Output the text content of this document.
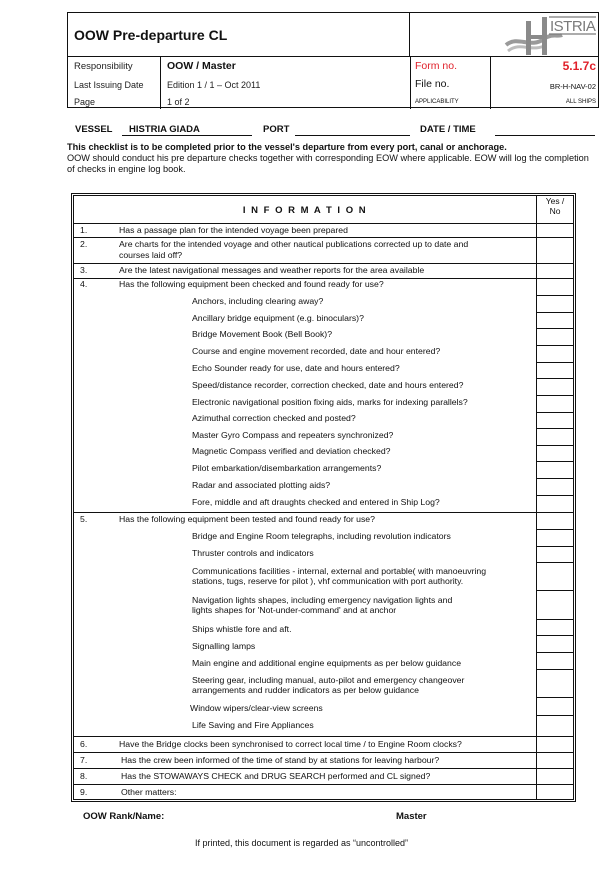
OOW Pre-departure CL	ISTRIA
Responsibility	OOW / Master
Last Issuing Date	Edition 1 / 1 – Oct 2011
Page	1 of 2
Form no.	5.1.7c
File no.	BR-H-NAV-02
APPLICABILITY	ALL SHIPS
VESSEL HISTRIA GIADA	PORT	DATE / TIME
This checklist is to be completed prior to the vessel's departure from every port, canal or anchorage.
OOW should conduct his pre departure checks together with corresponding EOW where applicable. EOW will log the completion of checks in engine log book.
I N F O R M A T I O N
Yes /
No
1.	Has a passage plan for the intended voyage been prepared
2.	Are charts for the intended voyage and other nautical publications corrected up to date and
courses laid off?
3.	Are the latest navigational messages and weather reports for the area available
4.	Has the following equipment been checked and found ready for use?
Anchors, including clearing away?
Ancillary bridge equipment (e.g. binoculars)?
Bridge Movement Book (Bell Book)?
Course and engine movement recorded, date and hour entered?
Echo Sounder ready for use, date and hours entered?
Speed/distance recorder, correction checked, date and hours entered?
Electronic navigational position fixing aids, marks for indexing parallels?
Azimuthal correction checked and posted?
Master Gyro Compass and repeaters synchronized?
Magnetic Compass verified and deviation checked?
Pilot embarkation/disembarkation arrangements?
Radar and associated plotting aids?
Fore, middle and aft draughts checked and entered in Ship Log?
5.	Has the following equipment been tested and found ready for use?
Bridge and Engine Room telegraphs, including revolution indicators
Thruster controls and indicators
Communications facilities - internal, external and portable( with manoeuvring
stations, tugs, reserve for pilot ), vhf communication with port authority.
Navigation lights shapes, including emergency navigation lights and
lights shapes for 'Not-under-command' and at anchor
Ships whistle fore and aft.
Signalling lamps
Main engine and additional engine equipments as per below guidance
Steering gear, including manual, auto-pilot and emergency changeover
arrangements and rudder indicators as per below guidance
Window wipers/clear-view screens
Life Saving and Fire Appliances
6.	Have the Bridge clocks been synchronised to correct local time / to Engine Room clocks?
7.	Has the crew been informed of the time of stand by at stations for leaving harbour?
8.	Has the STOWAWAYS CHECK and DRUG SEARCH performed and CL signed?
9.	Other matters:
OOW Rank/Name:	Master
If printed, this document is regarded as “uncontrolled”
